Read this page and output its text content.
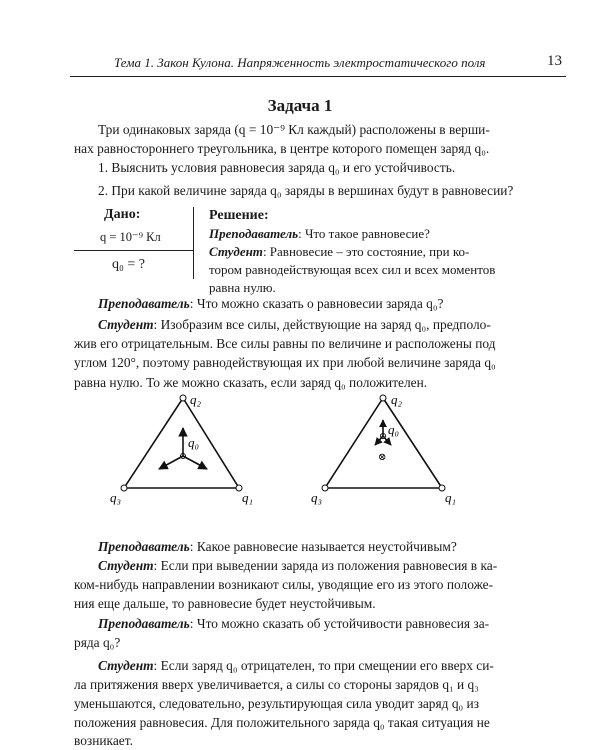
Тема 1. Закон Кулона. Напряженность электростатического поля	13
Задача 1
Три одинаковых заряда (q = 10⁻⁹ Кл каждый) расположены в верши-
нах равностороннего треугольника, в центре которого помещен заряд q₀.
1. Выяснить условия равновесия заряда q₀ и его устойчивость.
2. При какой величине заряда q₀ заряды в вершинах будут в равновесии?
Дано:
q = 10⁻⁹ Кл
q₀ = ?
Решение:
Преподаватель: Что такое равновесие?
Студент: Равновесие – это состояние, при ко-
тором равнодействующая всех сил и всех моментов
равна нулю.
Преподаватель: Что можно сказать о равновесии заряда q₀?
Студент: Изобразим все силы, действующие на заряд q₀, предполо-
жив его отрицательным. Все силы равны по величине и расположены под
углом 120°, поэтому равнодействующая их при любой величине заряда q₀
равна нулю. То же можно сказать, если заряд q₀ положителен.
q₂
q₀
q₁
q₃
⊗
q₂
q₀
q₁
q₃
Преподаватель: Какое равновесие называется неустойчивым?
Студент: Если при выведении заряда из положения равновесия в ка-
ком-нибудь направлении возникают силы, уводящие его из этого положе-
ния еще дальше, то равновесие будет неустойчивым.
Преподаватель: Что можно сказать об устойчивости равновесия за-
ряда q₀?
Студент: Если заряд q₀ отрицателен, то при смещении его вверх си-
ла притяжения вверх увеличивается, а силы со стороны зарядов q₁ и q₃
уменьшаются, следовательно, результирующая сила уводит заряд q₀ из
положения равновесия. Для положительного заряда q₀ такая ситуация не
возникает.
